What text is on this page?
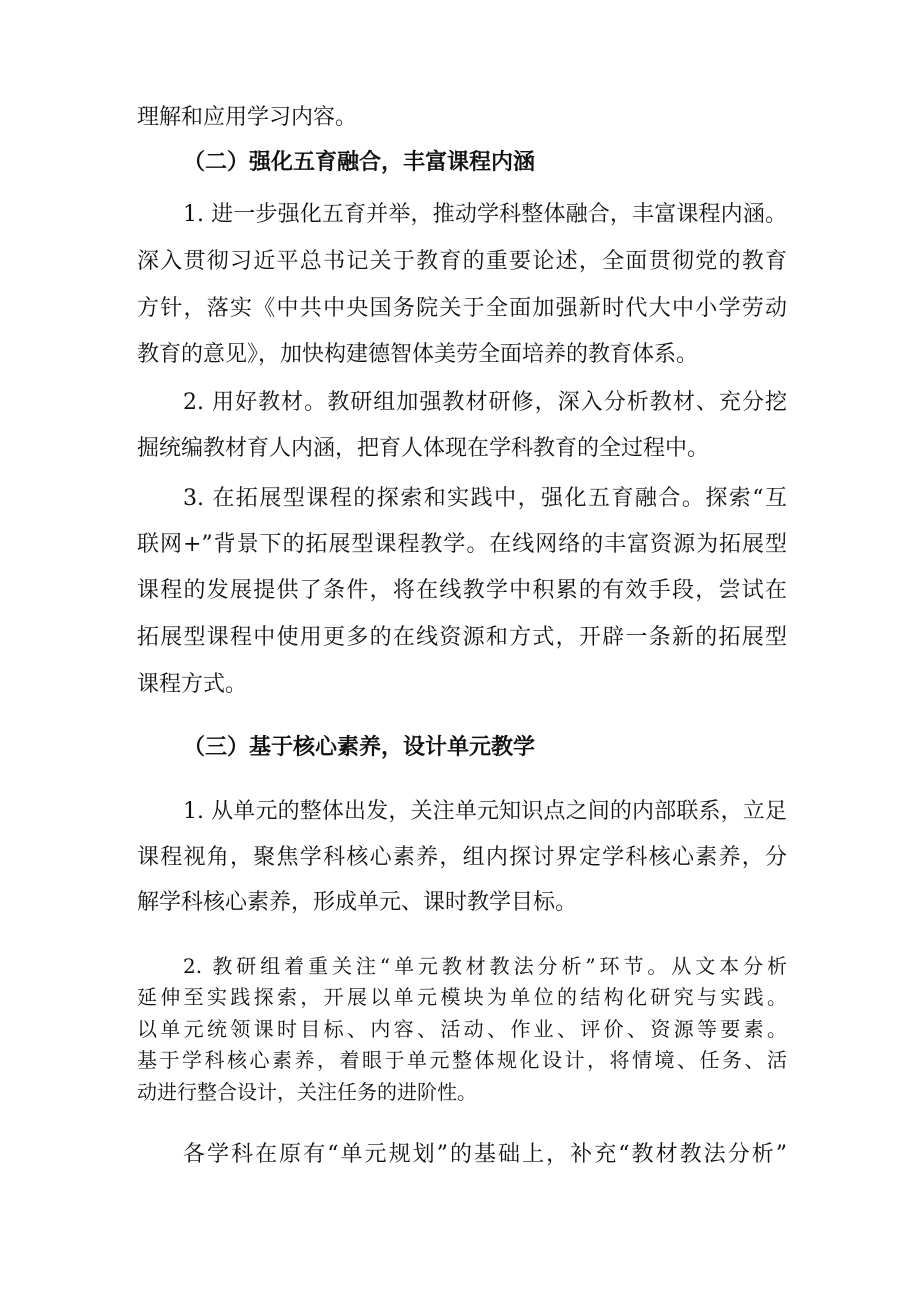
理解和应用学习内容。
（二）强化五育融合，丰富课程内涵
1. 进一步强化五育并举，推动学科整体融合，丰富课程内涵。
深入贯彻习近平总书记关于教育的重要论述，全面贯彻党的教育
方针，落实《中共中央国务院关于全面加强新时代大中小学劳动
教育的意见》，加快构建德智体美劳全面培养的教育体系。
2. 用好教材。教研组加强教材研修，深入分析教材、充分挖
掘统编教材育人内涵，把育人体现在学科教育的全过程中。
3. 在拓展型课程的探索和实践中，强化五育融合。探索“互
联网+”背景下的拓展型课程教学。在线网络的丰富资源为拓展型
课程的发展提供了条件，将在线教学中积累的有效手段，尝试在
拓展型课程中使用更多的在线资源和方式，开辟一条新的拓展型
课程方式。
（三）基于核心素养，设计单元教学
1. 从单元的整体出发，关注单元知识点之间的内部联系，立足
课程视角，聚焦学科核心素养，组内探讨界定学科核心素养，分
解学科核心素养，形成单元、课时教学目标。
2. 教研组着重关注“单元教材教法分析”环节。从文本分析
延伸至实践探索，开展以单元模块为单位的结构化研究与实践。
以单元统领课时目标、内容、活动、作业、评价、资源等要素。
基于学科核心素养，着眼于单元整体规化设计，将情境、任务、活
动进行整合设计，关注任务的进阶性。
各学科在原有“单元规划”的基础上，补充“教材教法分析”
